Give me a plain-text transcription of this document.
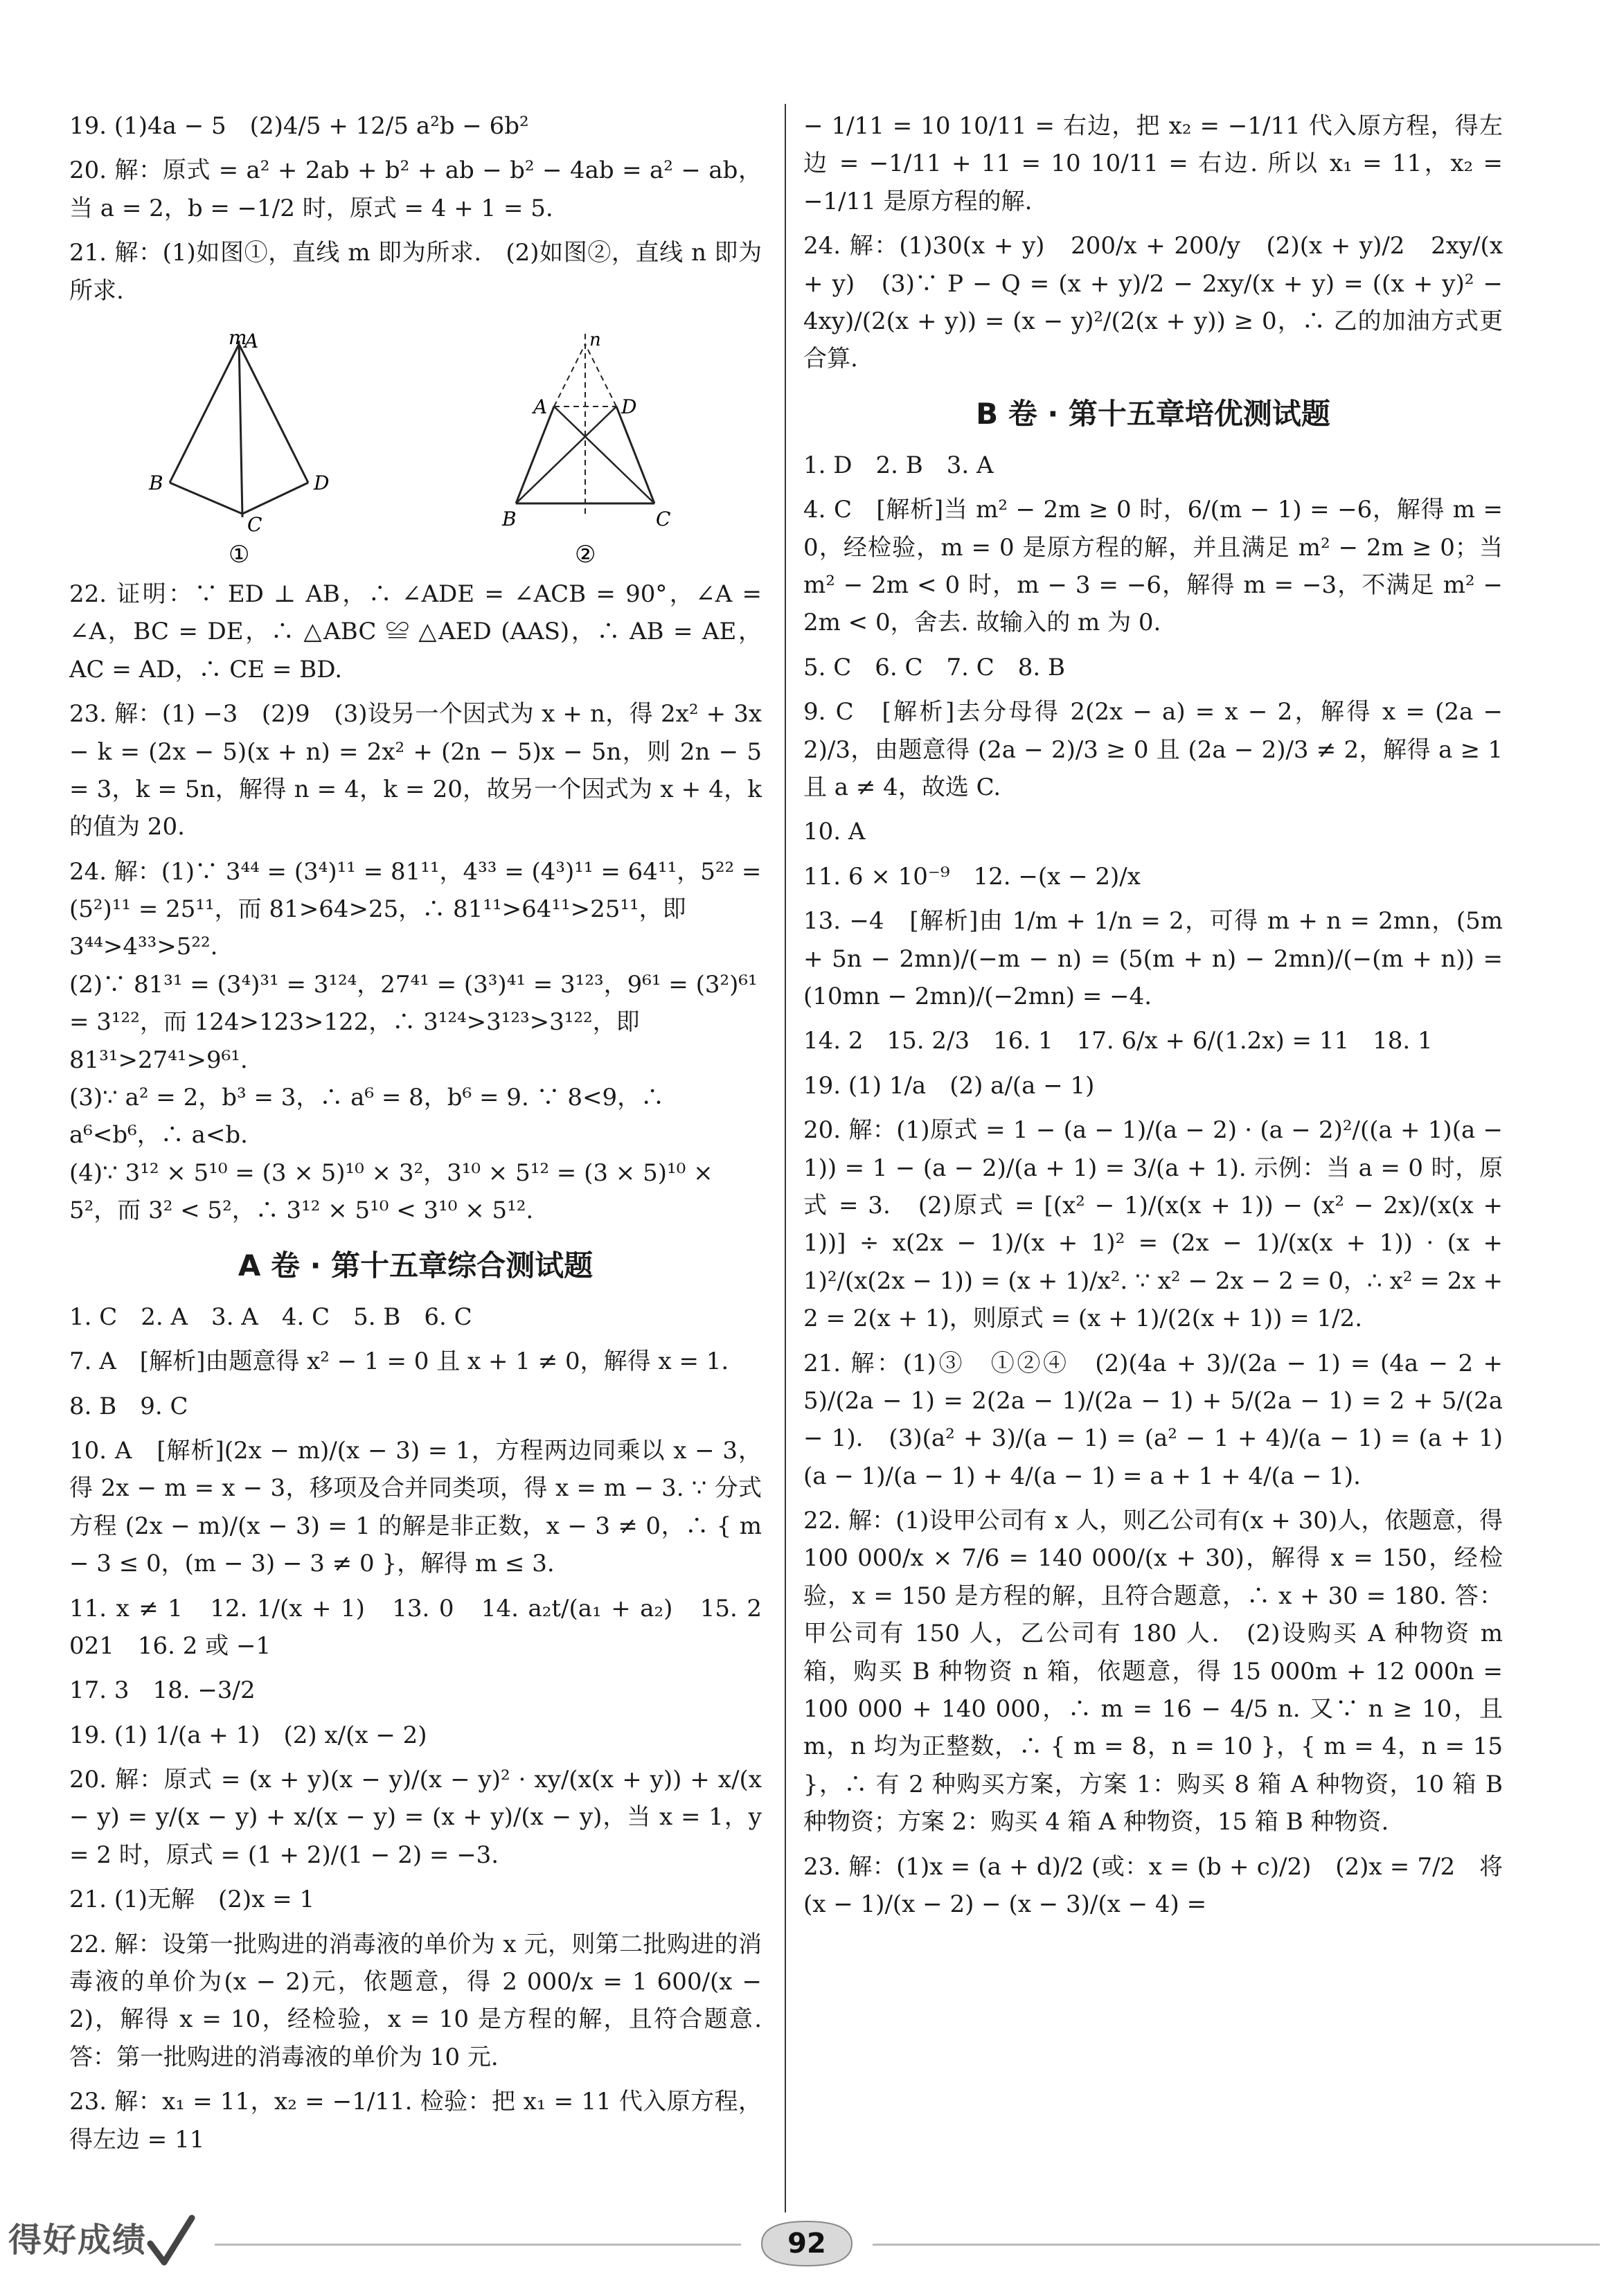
19. (1)4a − 5　(2)4/5 + 12/5 a²b − 6b²

20. 解：原式 = a² + 2ab + b² + ab − b² − 4ab = a² − ab，当 a = 2，b = −1/2 时，原式 = 4 + 1 = 5.

21. 解：(1)如图①，直线 m 即为所求.　(2)如图②，直线 n 即为所求.

m
A
B	D
C
①
n
A	D
B	C
②

22. 证明：∵ ED ⊥ AB，∴ ∠ADE = ∠ACB = 90°，∠A = ∠A，BC = DE，∴ △ABC ≌ △AED (AAS)，∴ AB = AE，AC = AD，∴ CE = BD.

23. 解：(1) −3　(2)9　(3)设另一个因式为 x + n，得 2x² + 3x − k = (2x − 5)(x + n) = 2x² + (2n − 5)x − 5n，则 2n − 5 = 3，k = 5n，解得 n = 4，k = 20，故另一个因式为 x + 4，k 的值为 20.

24. 解：(1)∵ 3⁴⁴ = (3⁴)¹¹ = 81¹¹，4³³ = (4³)¹¹ = 64¹¹，5²² = (5²)¹¹ = 25¹¹，而 81>64>25，∴ 81¹¹>64¹¹>25¹¹，即 3⁴⁴>4³³>5²².
(2)∵ 81³¹ = (3⁴)³¹ = 3¹²⁴，27⁴¹ = (3³)⁴¹ = 3¹²³，9⁶¹ = (3²)⁶¹ = 3¹²²，而 124>123>122，∴ 3¹²⁴>3¹²³>3¹²²，即 81³¹>27⁴¹>9⁶¹.
(3)∵ a² = 2，b³ = 3，∴ a⁶ = 8，b⁶ = 9. ∵ 8<9，∴ a⁶<b⁶，∴ a<b.
(4)∵ 3¹² × 5¹⁰ = (3 × 5)¹⁰ × 3²，3¹⁰ × 5¹² = (3 × 5)¹⁰ × 5²，而 3² < 5²，∴ 3¹² × 5¹⁰ < 3¹⁰ × 5¹².

A 卷 · 第十五章综合测试题

1. C　2. A　3. A　4. C　5. B　6. C

7. A　[解析]由题意得 x² − 1 = 0 且 x + 1 ≠ 0，解得 x = 1.

8. B　9. C

10. A　[解析](2x − m)/(x − 3) = 1，方程两边同乘以 x − 3，得 2x − m = x − 3，移项及合并同类项，得 x = m − 3. ∵ 分式方程 (2x − m)/(x − 3) = 1 的解是非正数，x − 3 ≠ 0，∴ { m − 3 ≤ 0，(m − 3) − 3 ≠ 0 }，解得 m ≤ 3.

11. x ≠ 1　12. 1/(x + 1)　13. 0　14. a₂t/(a₁ + a₂)　15. 2 021　16. 2 或 −1

17. 3　18. −3/2

19. (1) 1/(a + 1)　(2) x/(x − 2)

20. 解：原式 = (x + y)(x − y)/(x − y)² · xy/(x(x + y)) + x/(x − y) = y/(x − y) + x/(x − y) = (x + y)/(x − y)，当 x = 1，y = 2 时，原式 = (1 + 2)/(1 − 2) = −3.

21. (1)无解　(2)x = 1

22. 解：设第一批购进的消毒液的单价为 x 元，则第二批购进的消毒液的单价为(x − 2)元，依题意，得 2 000/x = 1 600/(x − 2)，解得 x = 10，经检验，x = 10 是方程的解，且符合题意. 答：第一批购进的消毒液的单价为 10 元.

23. 解：x₁ = 11，x₂ = −1/11. 检验：把 x₁ = 11 代入原方程，得左边 = 11

− 1/11 = 10 10/11 = 右边，把 x₂ = −1/11 代入原方程，得左边 = −1/11 + 11 = 10 10/11 = 右边. 所以 x₁ = 11，x₂ = −1/11 是原方程的解.

24. 解：(1)30(x + y)　200/x + 200/y　(2)(x + y)/2　2xy/(x + y)　(3)∵ P − Q = (x + y)/2 − 2xy/(x + y) = ((x + y)² − 4xy)/(2(x + y)) = (x − y)²/(2(x + y)) ≥ 0，∴ 乙的加油方式更合算.

B 卷 · 第十五章培优测试题

1. D　2. B　3. A

4. C　[解析]当 m² − 2m ≥ 0 时，6/(m − 1) = −6，解得 m = 0，经检验，m = 0 是原方程的解，并且满足 m² − 2m ≥ 0；当 m² − 2m < 0 时，m − 3 = −6，解得 m = −3，不满足 m² − 2m < 0，舍去. 故输入的 m 为 0.

5. C　6. C　7. C　8. B

9. C　[解析]去分母得 2(2x − a) = x − 2，解得 x = (2a − 2)/3，由题意得 (2a − 2)/3 ≥ 0 且 (2a − 2)/3 ≠ 2，解得 a ≥ 1 且 a ≠ 4，故选 C.

10. A

11. 6 × 10⁻⁹　12. −(x − 2)/x

13. −4　[解析]由 1/m + 1/n = 2，可得 m + n = 2mn，(5m + 5n − 2mn)/(−m − n) = (5(m + n) − 2mn)/(−(m + n)) = (10mn − 2mn)/(−2mn) = −4.

14. 2　15. 2/3　16. 1　17. 6/x + 6/(1.2x) = 11　18. 1

19. (1) 1/a　(2) a/(a − 1)

20. 解：(1)原式 = 1 − (a − 1)/(a − 2) · (a − 2)²/((a + 1)(a − 1)) = 1 − (a − 2)/(a + 1) = 3/(a + 1). 示例：当 a = 0 时，原式 = 3.　(2)原式 = [(x² − 1)/(x(x + 1)) − (x² − 2x)/(x(x + 1))] ÷ x(2x − 1)/(x + 1)² = (2x − 1)/(x(x + 1)) · (x + 1)²/(x(2x − 1)) = (x + 1)/x². ∵ x² − 2x − 2 = 0，∴ x² = 2x + 2 = 2(x + 1)，则原式 = (x + 1)/(2(x + 1)) = 1/2.

21. 解：(1)③　①②④　(2)(4a + 3)/(2a − 1) = (4a − 2 + 5)/(2a − 1) = 2(2a − 1)/(2a − 1) + 5/(2a − 1) = 2 + 5/(2a − 1).　(3)(a² + 3)/(a − 1) = (a² − 1 + 4)/(a − 1) = (a + 1)(a − 1)/(a − 1) + 4/(a − 1) = a + 1 + 4/(a − 1).

22. 解：(1)设甲公司有 x 人，则乙公司有(x + 30)人，依题意，得 100 000/x × 7/6 = 140 000/(x + 30)，解得 x = 150，经检验，x = 150 是方程的解，且符合题意，∴ x + 30 = 180. 答：甲公司有 150 人，乙公司有 180 人.　(2)设购买 A 种物资 m 箱，购买 B 种物资 n 箱，依题意，得 15 000m + 12 000n = 100 000 + 140 000，∴ m = 16 − 4/5 n. 又∵ n ≥ 10，且 m，n 均为正整数，∴ { m = 8，n = 10 }，{ m = 4，n = 15 }，∴ 有 2 种购买方案，方案 1：购买 8 箱 A 种物资，10 箱 B 种物资；方案 2：购买 4 箱 A 种物资，15 箱 B 种物资.

23. 解：(1)x = (a + d)/2 (或：x = (b + c)/2)　(2)x = 7/2　将 (x − 1)/(x − 2) − (x − 3)/(x − 4) =

得好成绩	92
